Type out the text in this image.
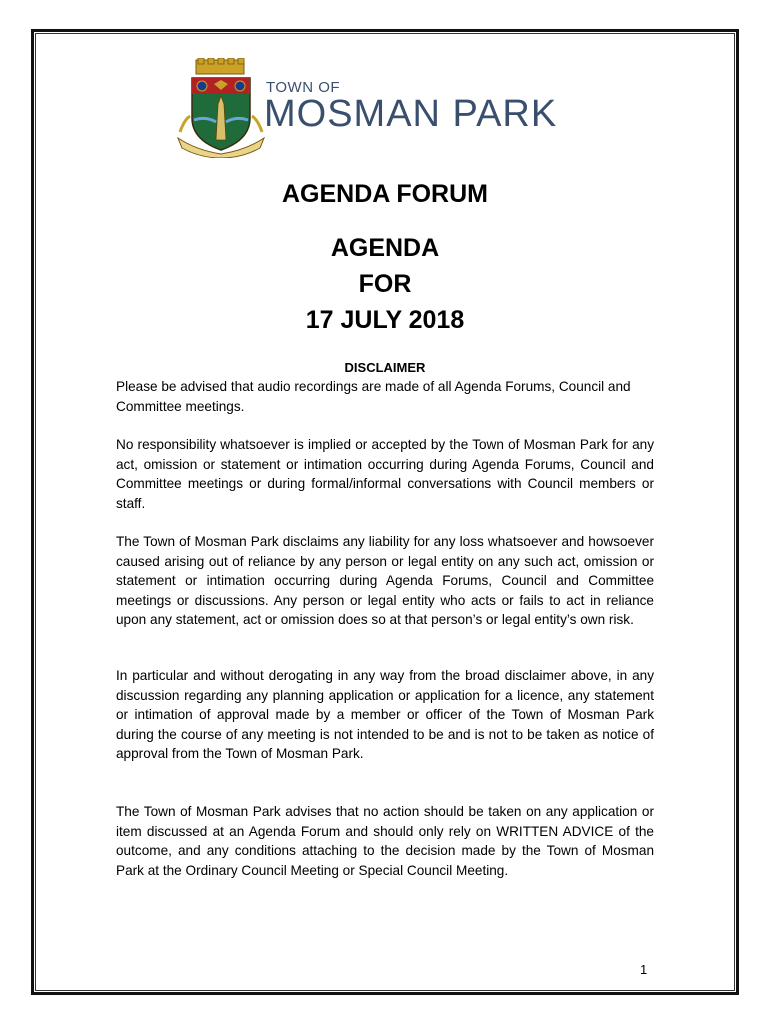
TOWN OF
MOSMAN PARK
AGENDA FORUM
AGENDA
FOR
17 JULY 2018
DISCLAIMER
Please be advised that audio recordings are made of all Agenda Forums, Council and Committee meetings.
No responsibility whatsoever is implied or accepted by the Town of Mosman Park for any act, omission or statement or intimation occurring during Agenda Forums, Council and Committee meetings or during formal/informal conversations with Council members or staff.
The Town of Mosman Park disclaims any liability for any loss whatsoever and howsoever caused arising out of reliance by any person or legal entity on any such act, omission or statement or intimation occurring during Agenda Forums, Council and Committee meetings or discussions. Any person or legal entity who acts or fails to act in reliance upon any statement, act or omission does so at that person’s or legal entity’s own risk.
In particular and without derogating in any way from the broad disclaimer above, in any discussion regarding any planning application or application for a licence, any statement or intimation of approval made by a member or officer of the Town of Mosman Park during the course of any meeting is not intended to be and is not to be taken as notice of approval from the Town of Mosman Park.
The Town of Mosman Park advises that no action should be taken on any application or item discussed at an Agenda Forum and should only rely on WRITTEN ADVICE of the outcome, and any conditions attaching to the decision made by the Town of Mosman Park at the Ordinary Council Meeting or Special Council Meeting.
1
